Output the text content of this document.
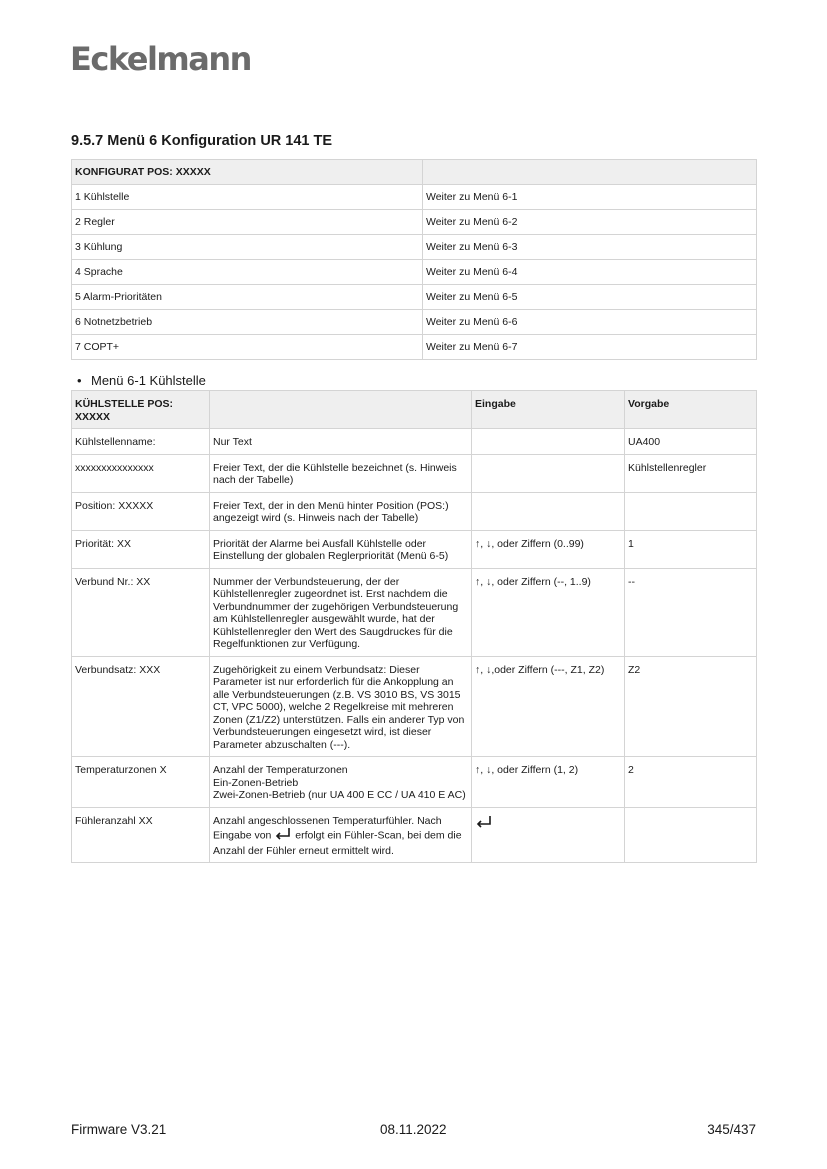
Eckelmann
9.5.7 Menü 6 Konfiguration UR 141 TE
KONFIGURAT POS: XXXXX	
1 Kühlstelle	Weiter zu Menü 6-1
2 Regler	Weiter zu Menü 6-2
3 Kühlung	Weiter zu Menü 6-3
4 Sprache	Weiter zu Menü 6-4
5 Alarm-Prioritäten	Weiter zu Menü 6-5
6 Notnetzbetrieb	Weiter zu Menü 6-6
7 COPT+	Weiter zu Menü 6-7
• Menü 6-1 Kühlstelle
KÜHLSTELLE POS: XXXXX		Eingabe	Vorgabe
Kühlstellenname:	Nur Text		UA400
xxxxxxxxxxxxxxx	Freier Text, der die Kühlstelle bezeichnet (s. Hinweis nach der Tabelle)		Kühlstellenregler
Position: XXXXX	Freier Text, der in den Menü hinter Position (POS:) angezeigt wird (s. Hinweis nach der Tabelle)		
Priorität: XX	Priorität der Alarme bei Ausfall Kühlstelle oder Einstellung der globalen Reglerpriorität (Menü 6-5)	↑, ↓, oder Ziffern (0..99)	1
Verbund Nr.: XX	Nummer der Verbundsteuerung, der der Kühlstellenregler zugeordnet ist. Erst nachdem die Verbundnummer der zugehörigen Verbundsteuerung am Kühlstellenregler ausgewählt wurde, hat der Kühlstellenregler den Wert des Saugdruckes für die Regelfunktionen zur Verfügung.	↑, ↓, oder Ziffern (--, 1..9)	--
Verbundsatz: XXX	Zugehörigkeit zu einem Verbundsatz: Dieser Parameter ist nur erforderlich für die Ankopplung an alle Verbundsteuerungen (z.B. VS 3010 BS, VS 3015 CT, VPC 5000), welche 2 Regelkreise mit mehreren Zonen (Z1/Z2) unterstützen. Falls ein anderer Typ von Verbundsteuerungen eingesetzt wird, ist dieser Parameter abzuschalten (---).	↑, ↓,oder Ziffern (---, Z1, Z2)	Z2
Temperaturzonen X	Anzahl der Temperaturzonen
Ein-Zonen-Betrieb
Zwei-Zonen-Betrieb (nur UA 400 E CC / UA 410 E AC)	↑, ↓, oder Ziffern (1, 2)	2
Fühleranzahl XX	Anzahl angeschlossenen Temperaturfühler. Nach
Eingabe von erfolgt ein Fühler-Scan, bei dem die Anzahl der Fühler erneut ermittelt wird.		
Firmware V3.21	08.11.2022	345/437
